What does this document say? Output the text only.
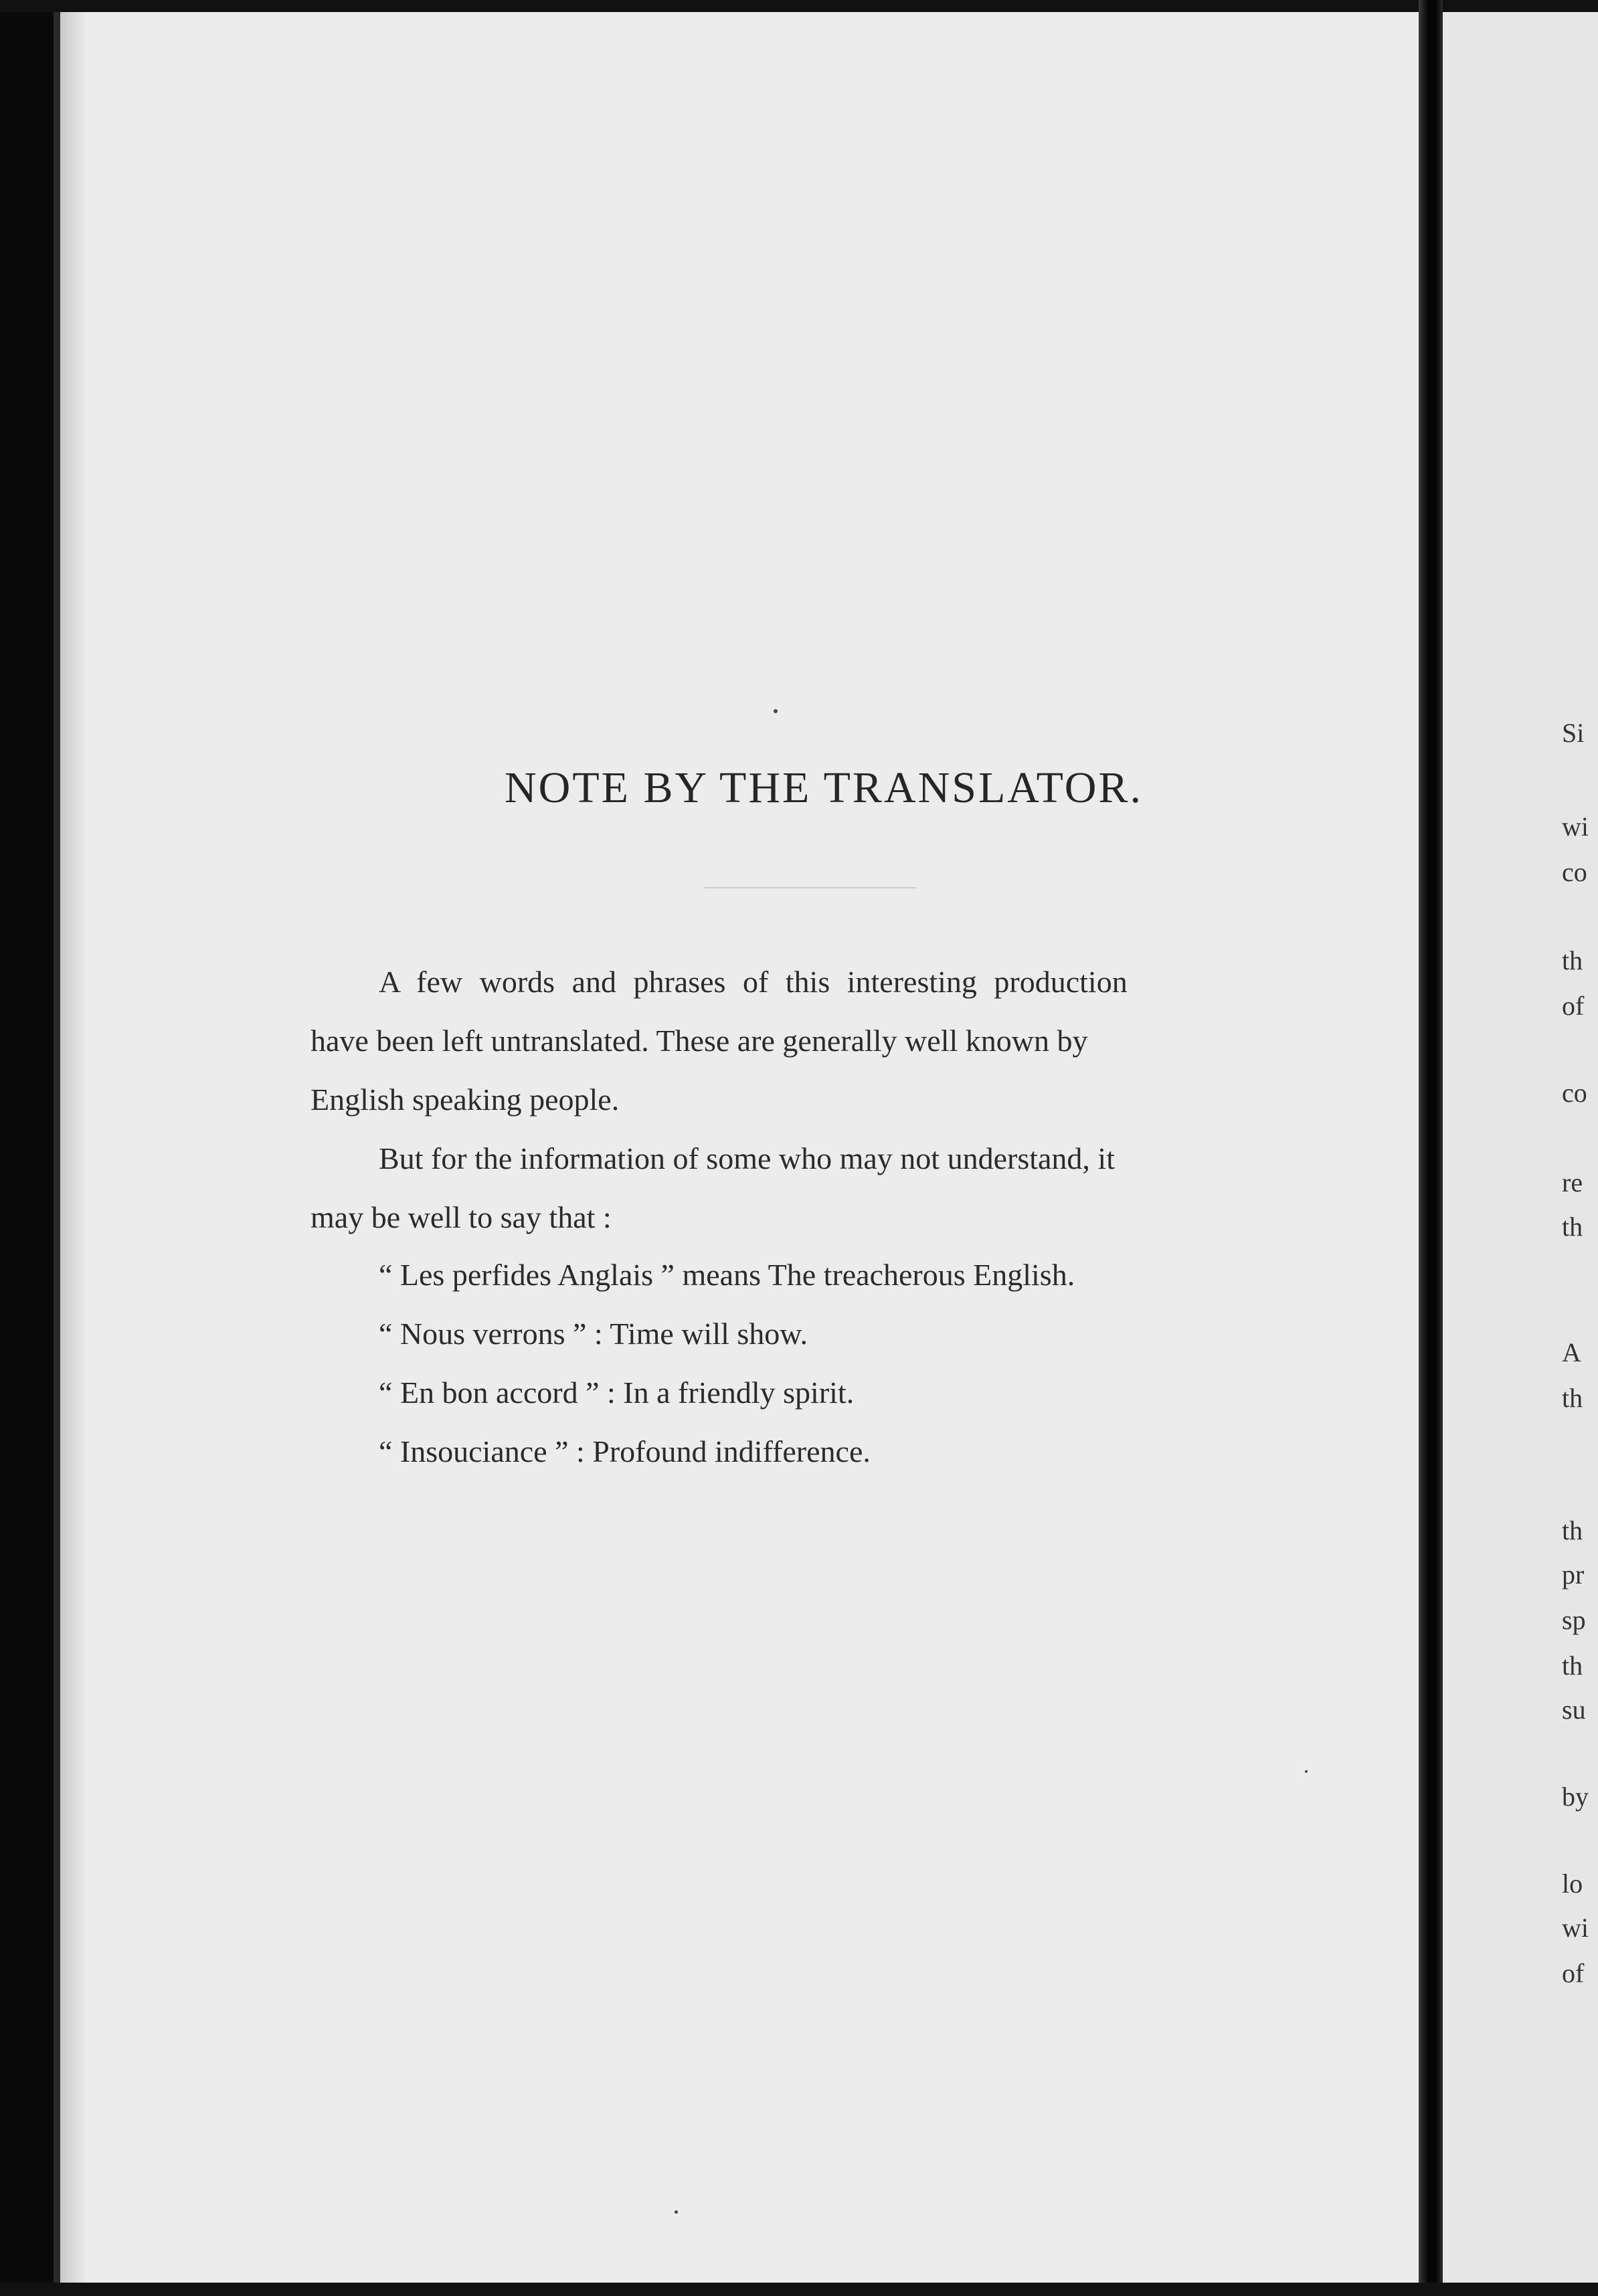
NOTE BY THE TRANSLATOR.

A few words and phrases of this interesting production
have been left untranslated. These are generally well known by
English speaking people.

But for the information of some who may not understand, it
may be well to say that :

“ Les perfides Anglais ” means The treacherous English.
“ Nous verrons ” : Time will show.
“ En bon accord ” : In a friendly spirit.
“ Insouciance ” : Profound indifference.
Si
wi
co
th
of
co
re
th
A
th
th
pr
sp
th
su
by
lo
wi
of
